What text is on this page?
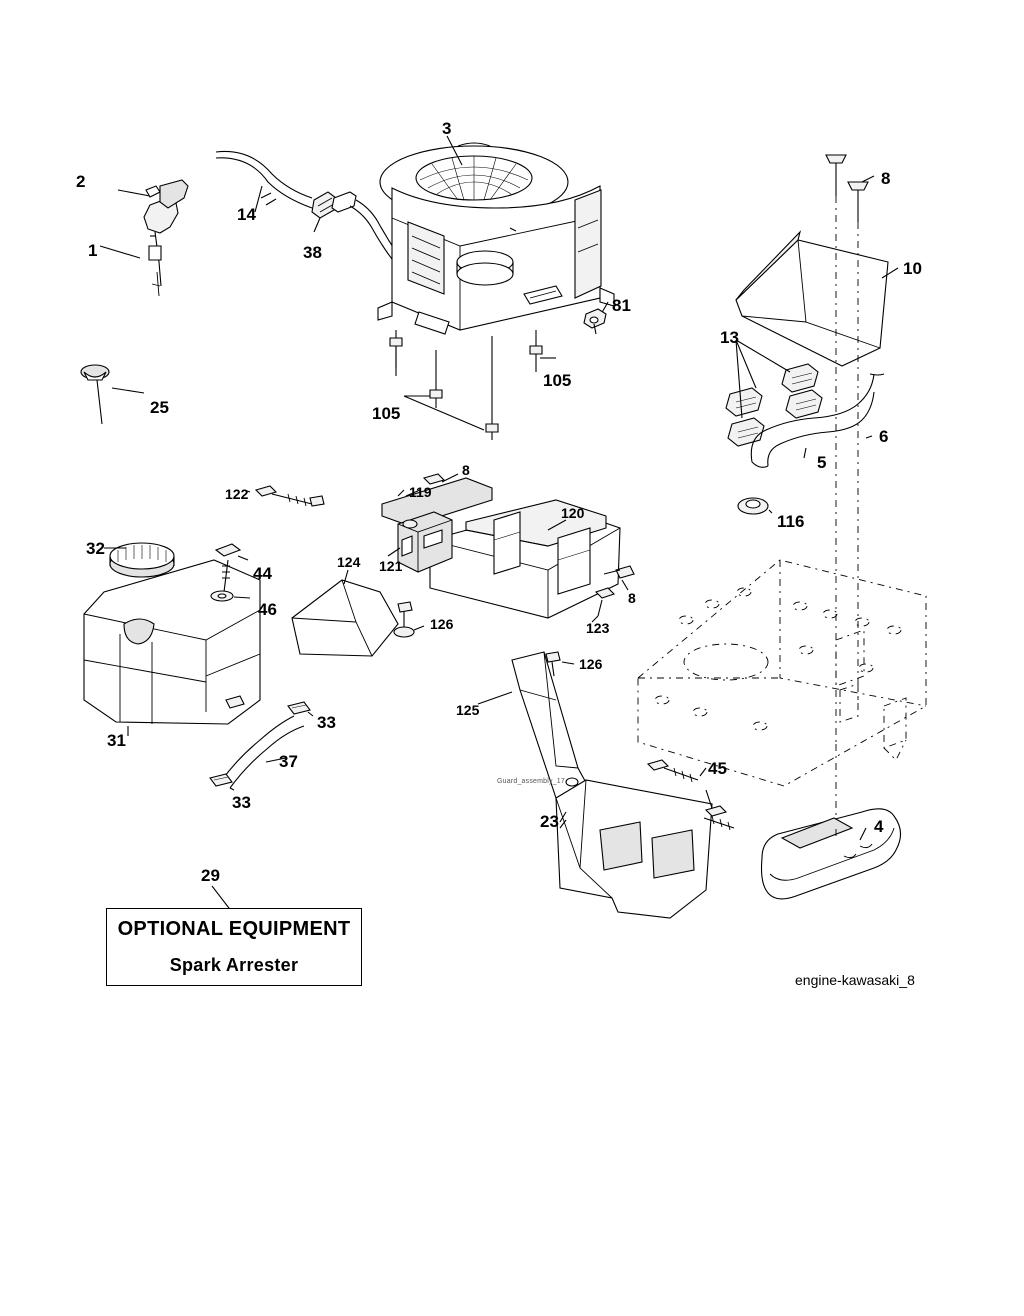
2
1
14
38
3
81
8
10
13
6
5
116
105
105
25
32
44
46
31
33
37
33
122
8
119
120
121
124
126
8
123
126
125
45
23	4
Guard_assembly_17
29
OPTIONAL EQUIPMENT
Spark Arrester
engine-kawasaki_8
